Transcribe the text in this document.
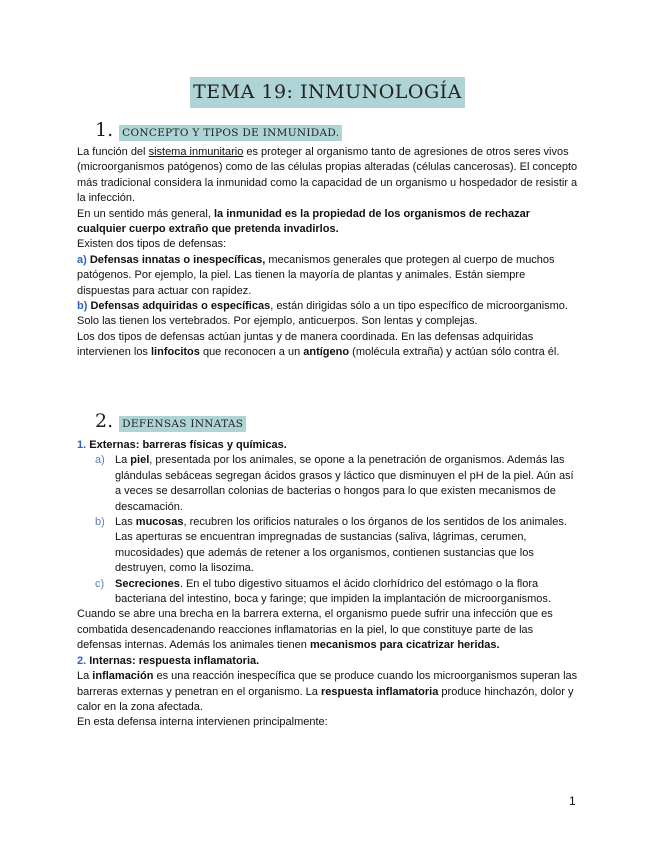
TEMA 19: INMUNOLOGÍA
1. CONCEPTO Y TIPOS DE INMUNIDAD.

La función del sistema inmunitario es proteger al organismo tanto de agresiones de otros seres vivos (microorganismos patógenos) como de las células propias alteradas (células cancerosas). El concepto más tradicional considera la inmunidad como la capacidad de un organismo u hospedador de resistir a la infección.

En un sentido más general, la inmunidad es la propiedad de los organismos de rechazar cualquier cuerpo extraño que pretenda invadirlos.

Existen dos tipos de defensas:

a) Defensas innatas o inespecíficas, mecanismos generales que protegen al cuerpo de muchos patógenos. Por ejemplo, la piel. Las tienen la mayoría de plantas y animales. Están siempre dispuestas para actuar con rapidez.

b) Defensas adquiridas o específicas, están dirigidas sólo a un tipo específico de microorganismo. Solo las tienen los vertebrados. Por ejemplo, anticuerpos. Son lentas y complejas.

Los dos tipos de defensas actúan juntas y de manera coordinada. En las defensas adquiridas intervienen los linfocitos que reconocen a un antígeno (molécula extraña) y actúan sólo contra él.

2. DEFENSAS INNATAS

1. Externas: barreras físicas y químicas.

a) La piel, presentada por los animales, se opone a la penetración de organismos. Además las glándulas sebáceas segregan ácidos grasos y láctico que disminuyen el pH de la piel. Aún así a veces se desarrollan colonias de bacterias o hongos para lo que existen mecanismos de descamación.

b) Las mucosas, recubren los orificios naturales o los órganos de los sentidos de los animales. Las aperturas se encuentran impregnadas de sustancias (saliva, lágrimas, cerumen, mucosidades) que además de retener a los organismos, contienen sustancias que los destruyen, como la lisozima.

c) Secreciones. En el tubo digestivo situamos el ácido clorhídrico del estómago o la flora bacteriana del intestino, boca y faringe; que impiden la implantación de microorganismos.

Cuando se abre una brecha en la barrera externa, el organismo puede sufrir una infección que es combatida desencadenando reacciones inflamatorias en la piel, lo que constituye parte de las defensas internas. Además los animales tienen mecanismos para cicatrizar heridas.

2. Internas: respuesta inflamatoria.

La inflamación es una reacción inespecífica que se produce cuando los microorganismos superan las barreras externas y penetran en el organismo. La respuesta inflamatoria produce hinchazón, dolor y calor en la zona afectada.

En esta defensa interna intervienen principalmente:

1
